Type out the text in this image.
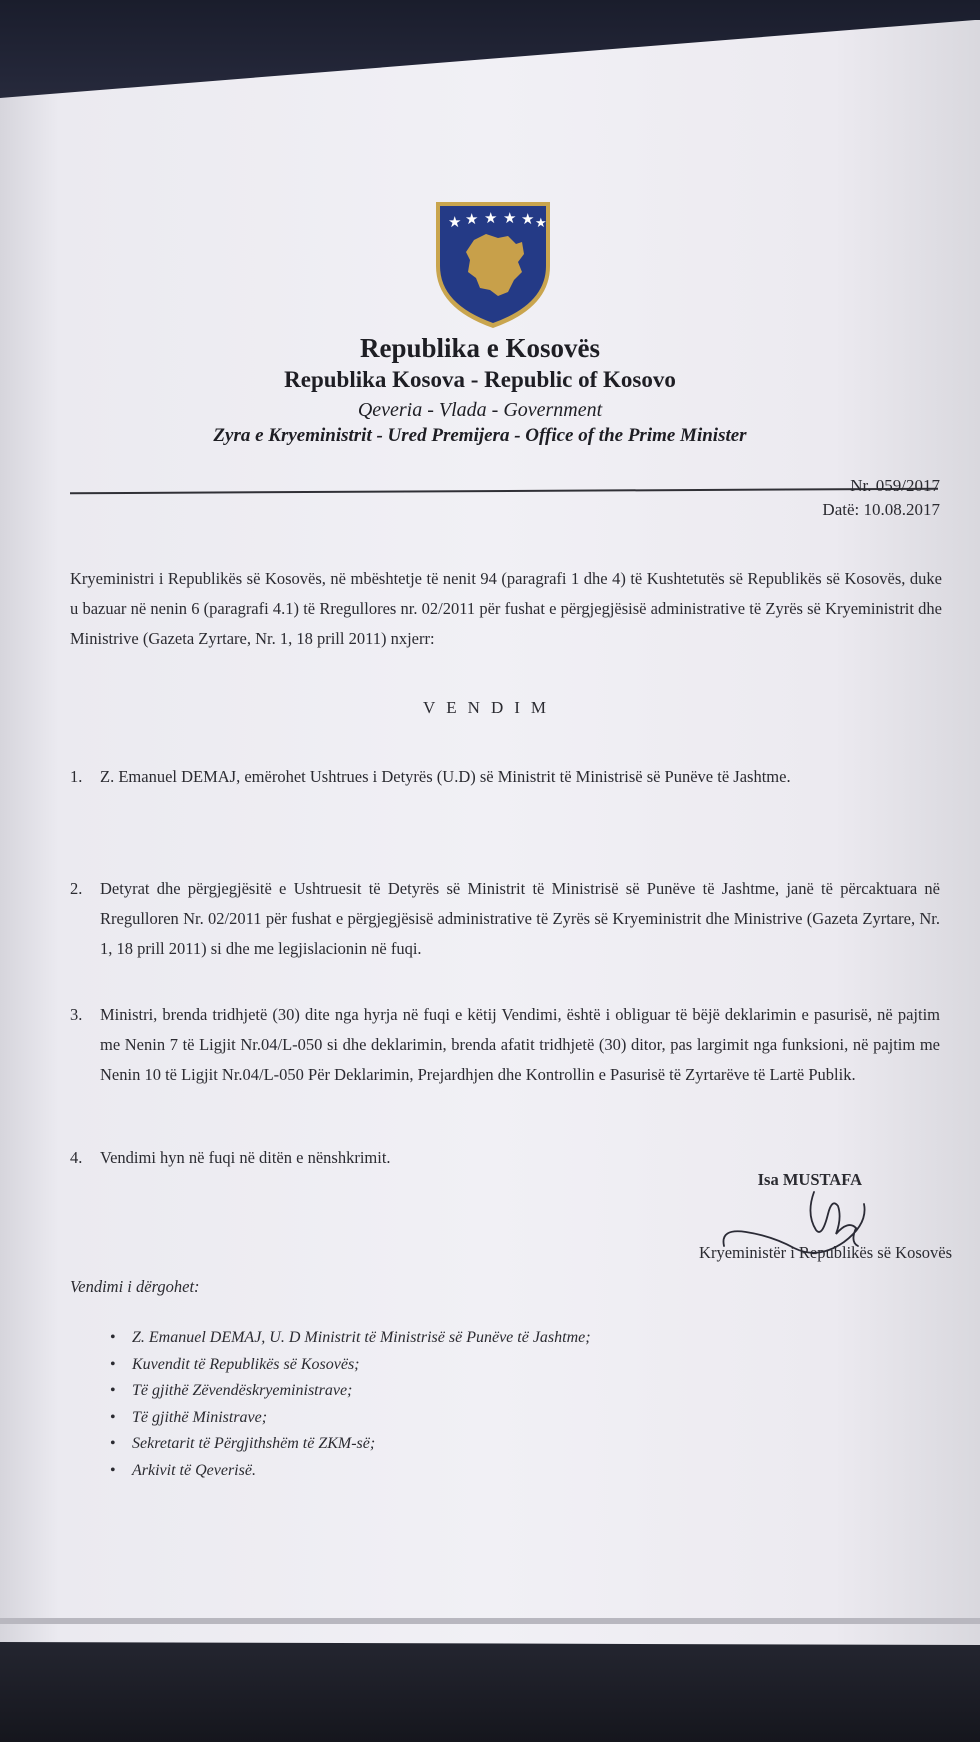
★ ★ ★ ★ ★ ★
Republika e Kosovës
Republika Kosova - Republic of Kosovo
Qeveria - Vlada - Government
Zyra e Kryeministrit - Ured Premijera - Office of the Prime Minister
Nr. 059/2017
Datë: 10.08.2017
Kryeministri i Republikës së Kosovës, në mbështetje të nenit 94 (paragrafi 1 dhe 4) të Kushtetutës së Republikës së Kosovës, duke u bazuar në nenin 6 (paragrafi 4.1) të Rregullores nr. 02/2011 për fushat e përgjegjësisë administrative të Zyrës së Kryeministrit dhe Ministrive (Gazeta Zyrtare, Nr. 1, 18 prill 2011) nxjerr:
VENDIM
1.	Z. Emanuel DEMAJ, emërohet Ushtrues i Detyrës (U.D) së Ministrit të Ministrisë së Punëve të Jashtme.
2.	Detyrat dhe përgjegjësitë e Ushtruesit të Detyrës së Ministrit të Ministrisë së Punëve të Jashtme, janë të përcaktuara në Rregulloren Nr. 02/2011 për fushat e përgjegjësisë administrative të Zyrës së Kryeministrit dhe Ministrive (Gazeta Zyrtare, Nr. 1, 18 prill 2011) si dhe me legjislacionin në fuqi.
3.	Ministri, brenda tridhjetë (30) dite nga hyrja në fuqi e këtij Vendimi, është i obliguar të bëjë deklarimin e pasurisë, në pajtim me Nenin 7 të Ligjit Nr.04/L-050 si dhe deklarimin, brenda afatit tridhjetë (30) ditor, pas largimit nga funksioni, në pajtim me Nenin 10 të Ligjit Nr.04/L-050 Për Deklarimin, Prejardhjen dhe Kontrollin e Pasurisë të Zyrtarëve të Lartë Publik.
4.	Vendimi hyn në fuqi në ditën e nënshkrimit.
Isa MUSTAFA
Kryeministër i Republikës së Kosovës
Vendimi i dërgohet:
• Z. Emanuel DEMAJ, U. D Ministrit të Ministrisë së Punëve të Jashtme;
• Kuvendit të Republikës së Kosovës;
• Të gjithë Zëvendëskryeministrave;
• Të gjithë Ministrave;
• Sekretarit të Përgjithshëm të ZKM-së;
• Arkivit të Qeverisë.
